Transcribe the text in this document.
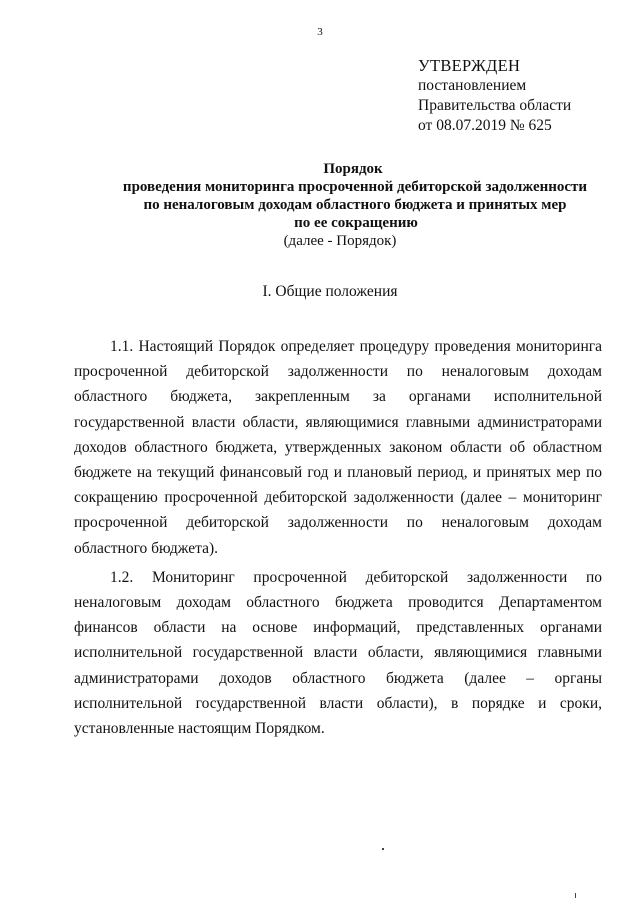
3
УТВЕРЖДЕН
постановлением
Правительства области
от 08.07.2019 № 625
Порядок
проведения мониторинга просроченной дебиторской задолженности
по неналоговым доходам областного бюджета и принятых мер
по ее сокращению
(далее - Порядок)
I. Общие положения

1.1. Настоящий Порядок определяет процедуру проведения мониторинга просроченной дебиторской задолженности по неналоговым доходам областного бюджета, закрепленным за органами исполнительной государственной власти области, являющимися главными администраторами доходов областного бюджета, утвержденных законом области об областном бюджете на текущий финансовый год и плановый период, и принятых мер по сокращению просроченной дебиторской задолженности (далее – мониторинг просроченной дебиторской задолженности по неналоговым доходам областного бюджета).

1.2. Мониторинг просроченной дебиторской задолженности по неналоговым доходам областного бюджета проводится Департаментом финансов области на основе информаций, представленных органами исполнительной государственной власти области, являющимися главными администраторами доходов областного бюджета (далее – органы исполнительной государственной власти области), в порядке и сроки, установленные настоящим Порядком.
